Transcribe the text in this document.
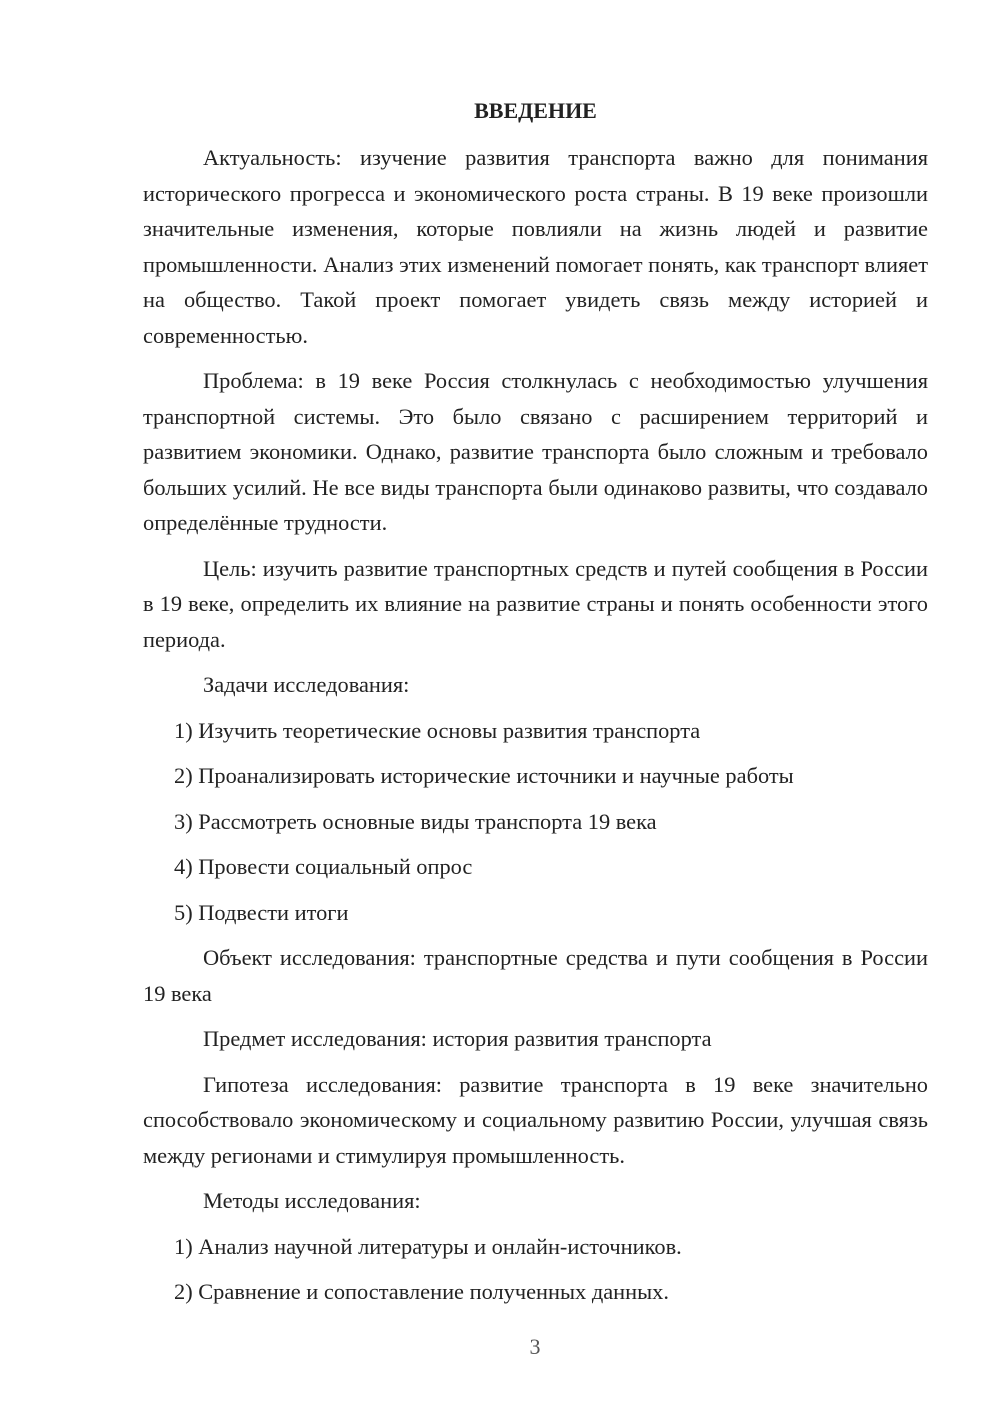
ВВЕДЕНИЕ

Актуальность: изучение развития транспорта важно для понимания исторического прогресса и экономического роста страны. В 19 веке произошли значительные изменения, которые повлияли на жизнь людей и развитие промышленности. Анализ этих изменений помогает понять, как транспорт влияет на общество. Такой проект помогает увидеть связь между историей и современностью.

Проблема: в 19 веке Россия столкнулась с необходимостью улучшения транспортной системы. Это было связано с расширением территорий и развитием экономики. Однако, развитие транспорта было сложным и требовало больших усилий. Не все виды транспорта были одинаково развиты, что создавало определённые трудности.

Цель: изучить развитие транспортных средств и путей сообщения в России в 19 веке, определить их влияние на развитие страны и понять особенности этого периода.

Задачи исследования:

1) Изучить теоретические основы развития транспорта

2) Проанализировать исторические источники и научные работы

3) Рассмотреть основные виды транспорта 19 века

4) Провести социальный опрос

5) Подвести итоги

Объект исследования: транспортные средства и пути сообщения в России 19 века

Предмет исследования: история развития транспорта

Гипотеза исследования: развитие транспорта в 19 веке значительно способствовало экономическому и социальному развитию России, улучшая связь между регионами и стимулируя промышленность.

Методы исследования:

1) Анализ научной литературы и онлайн-источников.

2) Сравнение и сопоставление полученных данных.

3
